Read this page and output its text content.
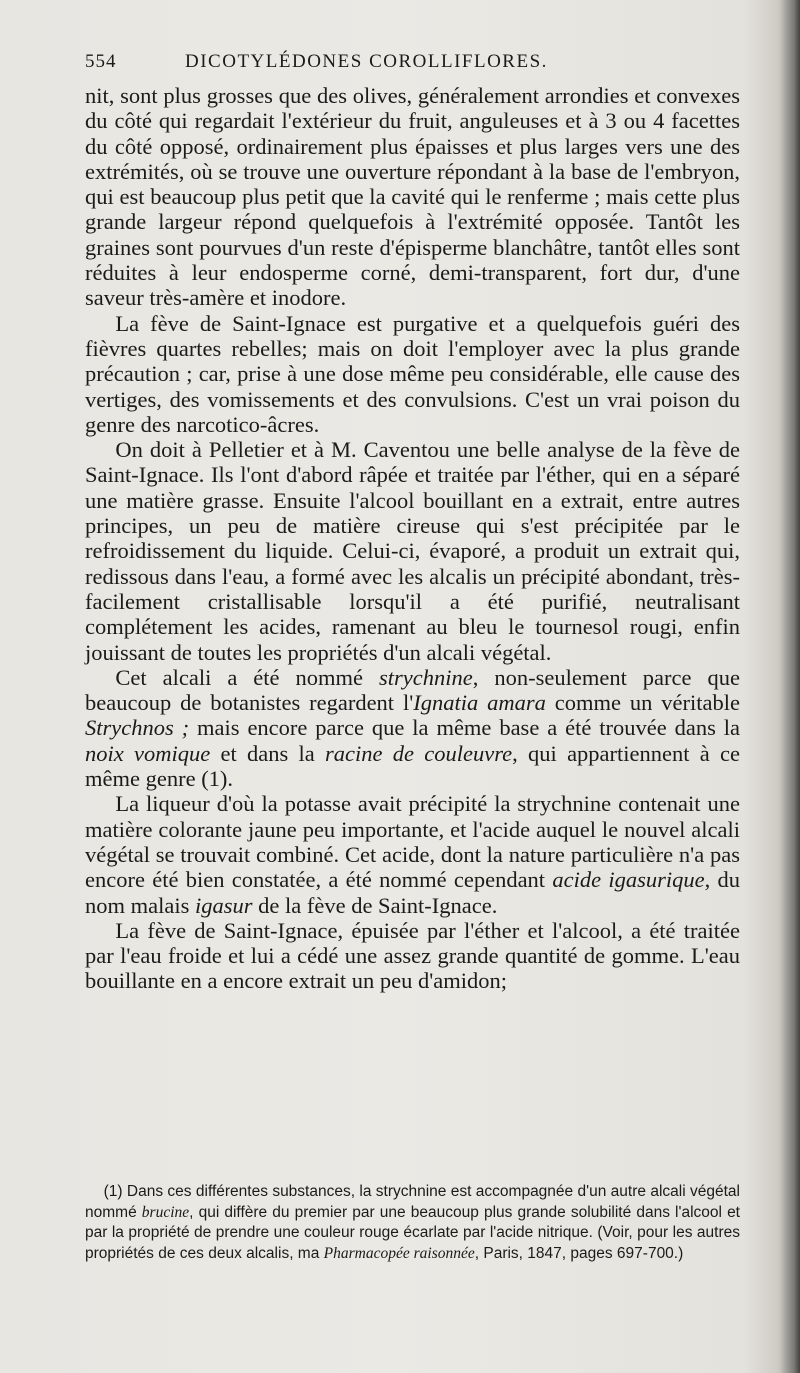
554	DICOTYLÉDONES COROLLIFLORES.

nit, sont plus grosses que des olives, généralement arrondies et convexes du côté qui regardait l'extérieur du fruit, anguleuses et à 3 ou 4 facettes du côté opposé, ordinairement plus épaisses et plus larges vers une des extrémités, où se trouve une ouverture répondant à la base de l'embryon, qui est beaucoup plus petit que la cavité qui le renferme ; mais cette plus grande largeur répond quelquefois à l'extrémité opposée. Tantôt les graines sont pourvues d'un reste d'épisperme blanchâtre, tantôt elles sont réduites à leur endosperme corné, demi-transparent, fort dur, d'une saveur très-amère et inodore.

La fève de Saint-Ignace est purgative et a quelquefois guéri des fièvres quartes rebelles; mais on doit l'employer avec la plus grande précaution ; car, prise à une dose même peu considérable, elle cause des vertiges, des vomissements et des convulsions. C'est un vrai poison du genre des narcotico-âcres.

On doit à Pelletier et à M. Caventou une belle analyse de la fève de Saint-Ignace. Ils l'ont d'abord râpée et traitée par l'éther, qui en a séparé une matière grasse. Ensuite l'alcool bouillant en a extrait, entre autres principes, un peu de matière cireuse qui s'est précipitée par le refroidissement du liquide. Celui-ci, évaporé, a produit un extrait qui, redissous dans l'eau, a formé avec les alcalis un précipité abondant, très-facilement cristallisable lorsqu'il a été purifié, neutralisant complétement les acides, ramenant au bleu le tournesol rougi, enfin jouissant de toutes les propriétés d'un alcali végétal.

Cet alcali a été nommé strychnine, non-seulement parce que beaucoup de botanistes regardent l'Ignatia amara comme un véritable Strychnos ; mais encore parce que la même base a été trouvée dans la noix vomique et dans la racine de couleuvre, qui appartiennent à ce même genre (1).

La liqueur d'où la potasse avait précipité la strychnine contenait une matière colorante jaune peu importante, et l'acide auquel le nouvel alcali végétal se trouvait combiné. Cet acide, dont la nature particulière n'a pas encore été bien constatée, a été nommé cependant acide igasurique, du nom malais igasur de la fève de Saint-Ignace.

La fève de Saint-Ignace, épuisée par l'éther et l'alcool, a été traitée par l'eau froide et lui a cédé une assez grande quantité de gomme. L'eau bouillante en a encore extrait un peu d'amidon;

(1) Dans ces différentes substances, la strychnine est accompagnée d'un autre alcali végétal nommé brucine, qui diffère du premier par une beaucoup plus grande solubilité dans l'alcool et par la propriété de prendre une couleur rouge écarlate par l'acide nitrique. (Voir, pour les autres propriétés de ces deux alcalis, ma Pharmacopée raisonnée, Paris, 1847, pages 697-700.)
